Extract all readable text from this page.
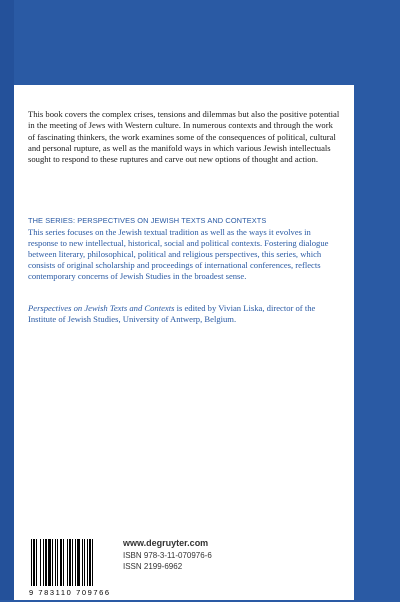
This book covers the complex crises, tensions and dilemmas but also the positive potential in the meeting of Jews with Western culture. In numerous contexts and through the work of fascinating thinkers, the work examines some of the consequences of political, cultural and personal rupture, as well as the manifold ways in which various Jewish intellectuals sought to respond to these ruptures and carve out new options of thought and action.

THE SERIES: PERSPECTIVES ON JEWISH TEXTS AND CONTEXTS

This series focuses on the Jewish textual tradition as well as the ways it evolves in response to new intellectual, historical, social and political contexts. Fostering dialogue between literary, philosophical, political and religious perspectives, this series, which consists of original scholarship and proceedings of international conferences, reflects contemporary concerns of Jewish Studies in the broadest sense.

Perspectives on Jewish Texts and Contexts is edited by Vivian Liska, director of the Institute of Jewish Studies, University of Antwerp, Belgium.

9 783110 709766
www.degruyter.com
ISBN 978-3-11-070976-6
ISSN 2199-6962
